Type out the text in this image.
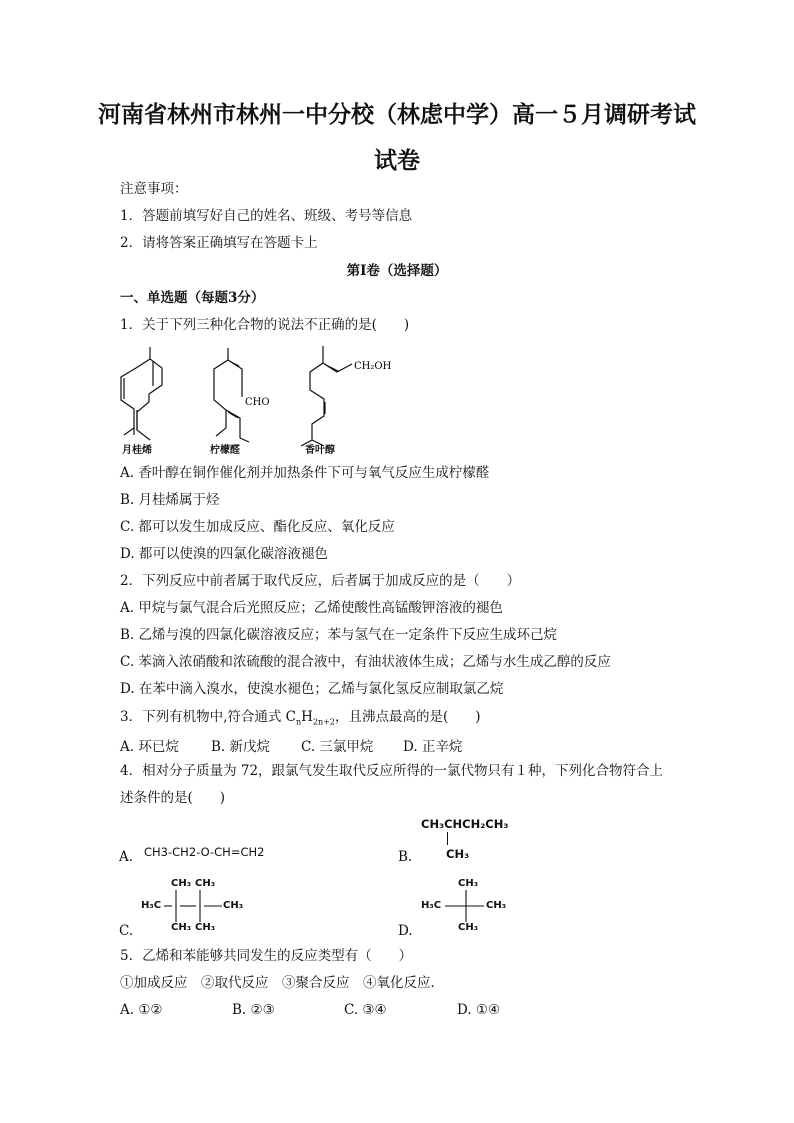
河南省林州市林州一中分校（林虑中学）高一５月调研考试
试卷
注意事项：
1．答题前填写好自己的姓名、班级、考号等信息
2．请将答案正确填写在答题卡上
第I卷（选择题）
一、单选题（每题3分）
1．关于下列三种化合物的说法不正确的是(　　)
CHO
CH₂OH
月桂烯	柠檬醛	香叶醇
A. 香叶醇在铜作催化剂并加热条件下可与氧气反应生成柠檬醛
B. 月桂烯属于烃
C. 都可以发生加成反应、酯化反应、氧化反应
D. 都可以使溴的四氯化碳溶液褪色
2．下列反应中前者属于取代反应，后者属于加成反应的是（　　）
A. 甲烷与氯气混合后光照反应；乙烯使酸性高锰酸钾溶液的褪色
B. 乙烯与溴的四氯化碳溶液反应；苯与氢气在一定条件下反应生成环己烷
C. 苯滴入浓硝酸和浓硫酸的混合液中，有油状液体生成；乙烯与水生成乙醇的反应
D. 在苯中滴入溴水，使溴水褪色；乙烯与氯化氢反应制取氯乙烷
3．下列有机物中,符合通式 $C_nH_{2n+2}$，且沸点最高的是(　　)
A. 环已烷 B. 新戊烷 C. 三氯甲烷 D. 正辛烷
4．相对分子质量为 72，跟氯气发生取代反应所得的一氯代物只有１种，下列化合物符合上
述条件的是(　　)
A. CH3-CH2-O-CH=CH2	B.
CH₃CHCH₂CH₃
CH₃
C.
CH₃ CH₃
H₃C	CH₃
CH₃ CH₃	D.
CH₃
H₃C	CH₃
CH₃
5．乙烯和苯能够共同发生的反应类型有（　　）
①加成反应　②取代反应　③聚合反应　④氧化反应．
A. ①②	B. ②③	C. ③④	D. ①④
